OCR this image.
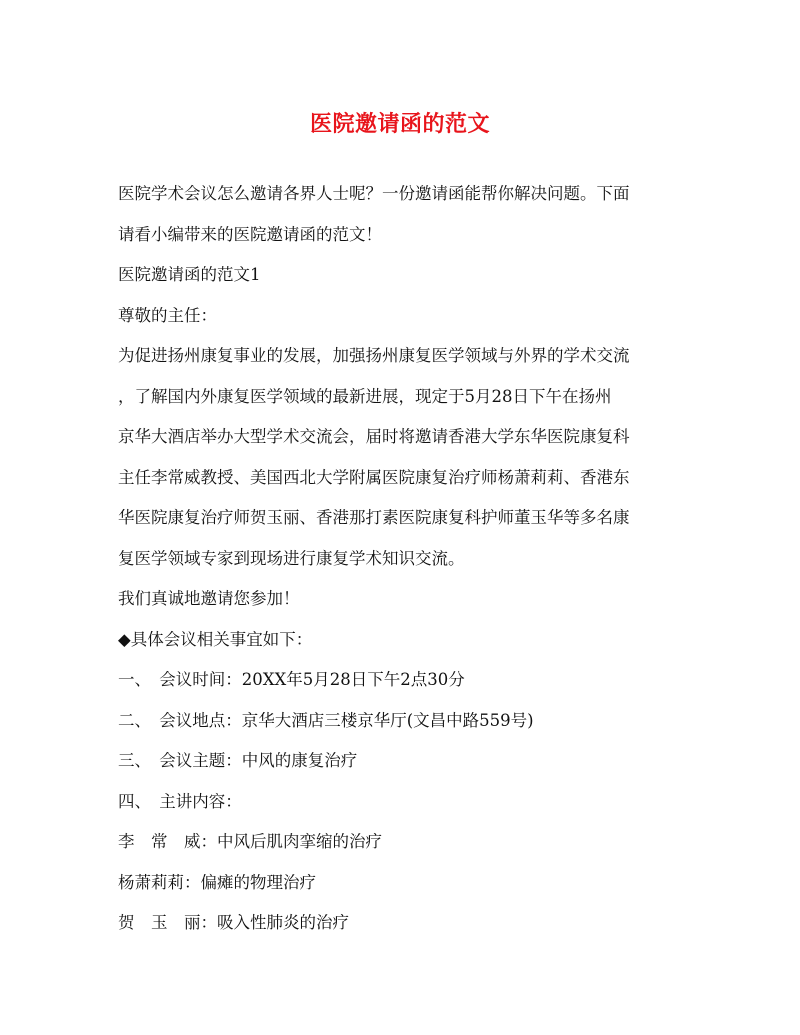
医院邀请函的范文

医院学术会议怎么邀请各界人士呢？一份邀请函能帮你解决问题。下面

请看小编带来的医院邀请函的范文！

医院邀请函的范文1

尊敬的主任：

为促进扬州康复事业的发展，加强扬州康复医学领域与外界的学术交流

，了解国内外康复医学领域的最新进展，现定于5月28日下午在扬州

京华大酒店举办大型学术交流会，届时将邀请香港大学东华医院康复科

主任李常威教授、美国西北大学附属医院康复治疗师杨萧莉莉、香港东

华医院康复治疗师贺玉丽、香港那打素医院康复科护师董玉华等多名康

复医学领域专家到现场进行康复学术知识交流。

我们真诚地邀请您参加！

◆具体会议相关事宜如下：

一、　会议时间：20XX年5月28日下午2点30分

二、　会议地点：京华大酒店三楼京华厅(文昌中路559号)

三、　会议主题：中风的康复治疗

四、　主讲内容：

李　常　威：中风后肌肉挛缩的治疗

杨萧莉莉：偏瘫的物理治疗

贺　玉　丽：吸入性肺炎的治疗
